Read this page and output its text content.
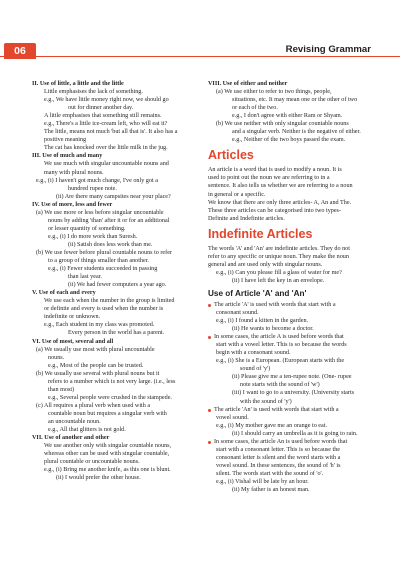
06	Revising Grammar
II. Use of little, a little and the little
Little emphasises the lack of something.
e.g., We have little money right now, we should go
out for dinner another day.
A little emphasises that something still remains.
e.g., There's a little ice-cream left, who will eat it?
The little, means not much 'but all that is'. It also has a
positive meaning
The cat has knocked over the little milk in the jug.
III. Use of much and many
We use much with singular uncountable nouns and
many with plural nouns.
e.g., (i) I haven't got much change, I've only got a
hundred rupee note.
(ii) Are there many campsites near your place?
IV. Use of more, less and fewer
(a) We use more or less before singular uncountable
nouns by adding 'than' after it or for an additional
or lesser quantity of something.
e.g., (i) I do more work than Suresh.
(ii) Satish does less work than me.
(b) We use fewer before plural countable nouns to refer
to a group of things smaller than another.
e.g., (i) Fewer students succeeded in passing
than last year.
(ii) We had fewer computers a year ago.
V. Use of each and every
We use each when the number in the group is limited
or definite and every is used when the number is
indefinite or unknown.
e.g., Each student in my class was promoted.
Every person in the world has a parent.
VI. Use of most, several and all
(a) We usually use most with plural uncountable
nouns.
e.g., Most of the people can be trusted.
(b) We usually use several with plural nouns but it
refers to a number which is not very large. (i.e., less
than most)
e.g., Several people were crushed in the stampede.
(c) All requires a plural verb when used with a
countable noun but requires a singular verb with
an uncountable noun.
e.g., All that glitters is not gold.
VII. Use of another and other
We use another only with singular countable nouns,
whereas other can be used with singular countable,
plural countable or uncountable nouns.
e.g., (i) Bring me another knife, as this one is blunt.
(ii) I would prefer the other house.
VIII. Use of either and neither
(a) We use either to refer to two things, people,
situations, etc. It may mean one or the other of two
or each of the two.
e.g., I don't agree with either Ram or Shyam.
(b) We use neither with only singular countable nouns
and a singular verb. Neither is the negative of either.
e.g., Neither of the two boys passed the exam.
Articles
An article is a word that is used to modify a noun. It is
used to point out the noun we are referring to in a
sentence. It also tells us whether we are referring to a noun
in general or a specific.
We know that there are only three articles- A, An and The.
These three articles can be categorised into two types-
Definite and Indefinite articles.
Indefinite Articles
The words 'A' and 'An' are indefinite articles. They do not
refer to any specific or unique noun. They make the noun
general and are used only with singular nouns.
e.g., (i) Can you please fill a glass of water for me?
(ii) I have left the key in an envelope.
Use of Article 'A' and 'An'
The article 'A' is used with words that start with a
consonant sound.
e.g., (i) I found a kitten in the garden.
(ii) He wants to become a doctor.
In some cases, the article A is used before words that
start with a vowel letter. This is so because the words
begin with a consonant sound.
e.g., (i) She is a European. (European starts with the
sound of 'y')
(ii) Please give me a ten-rupee note. (One- rupee
note starts with the sound of 'w')
(iii) I want to go to a university. (University starts
with the sound of 'y')
The article 'An' is used with words that start with a
vowel sound.
e.g., (i) My mother gave me an orange to eat.
(ii) I should carry an umbrella as it is going to rain.
In some cases, the article An is used before words that
start with a consonant letter. This is so because the
consonant letter is silent and the word starts with a
vowel sound. In these sentences, the sound of 'h' is
silent. The words start with the sound of 'o'.
e.g., (i) Vishal will be late by an hour.
(ii) My father is an honest man.
